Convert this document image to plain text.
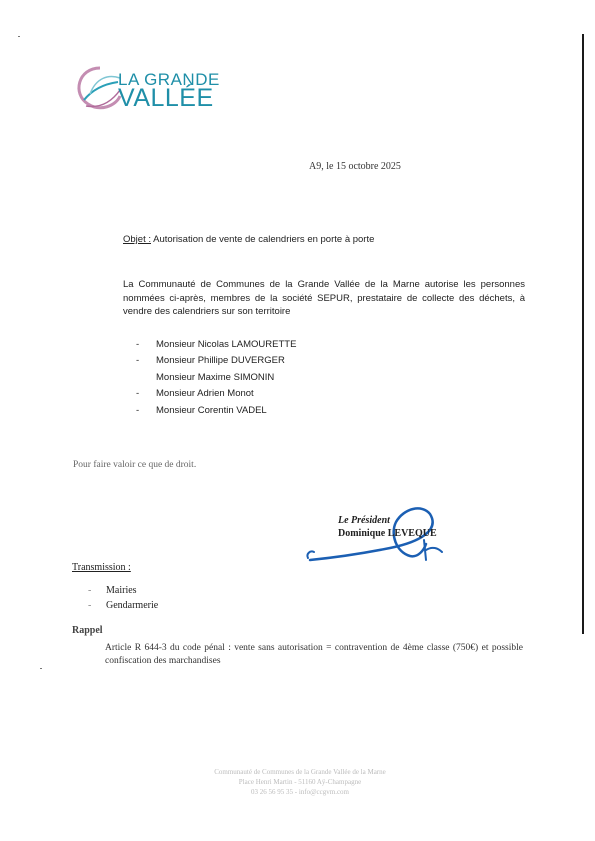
LA GRANDE
VALLÉE
A9, le 15 octobre 2025
Objet : Autorisation de vente de calendriers en porte à porte
La Communauté de Communes de la Grande Vallée de la Marne autorise les personnes nommées ci-après, membres de la société SEPUR, prestataire de collecte des déchets, à vendre des calendriers sur son territoire
- Monsieur Nicolas LAMOURETTE
- Monsieur Phillipe DUVERGER
Monsieur Maxime SIMONIN
- Monsieur Adrien Monot
- Monsieur Corentin VADEL
Pour faire valoir ce que de droit.
Le Président
Dominique LEVEQUE
Transmission :
- Mairies
- Gendarmerie
Rappel
Article R 644-3 du code pénal : vente sans autorisation = contravention de 4ème classe (750€) et possible confiscation des marchandises
Communauté de Communes de la Grande Vallée de la Marne
Place Henri Martin - 51160 Aÿ-Champagne
03 26 56 95 35 - info@ccgvm.com
